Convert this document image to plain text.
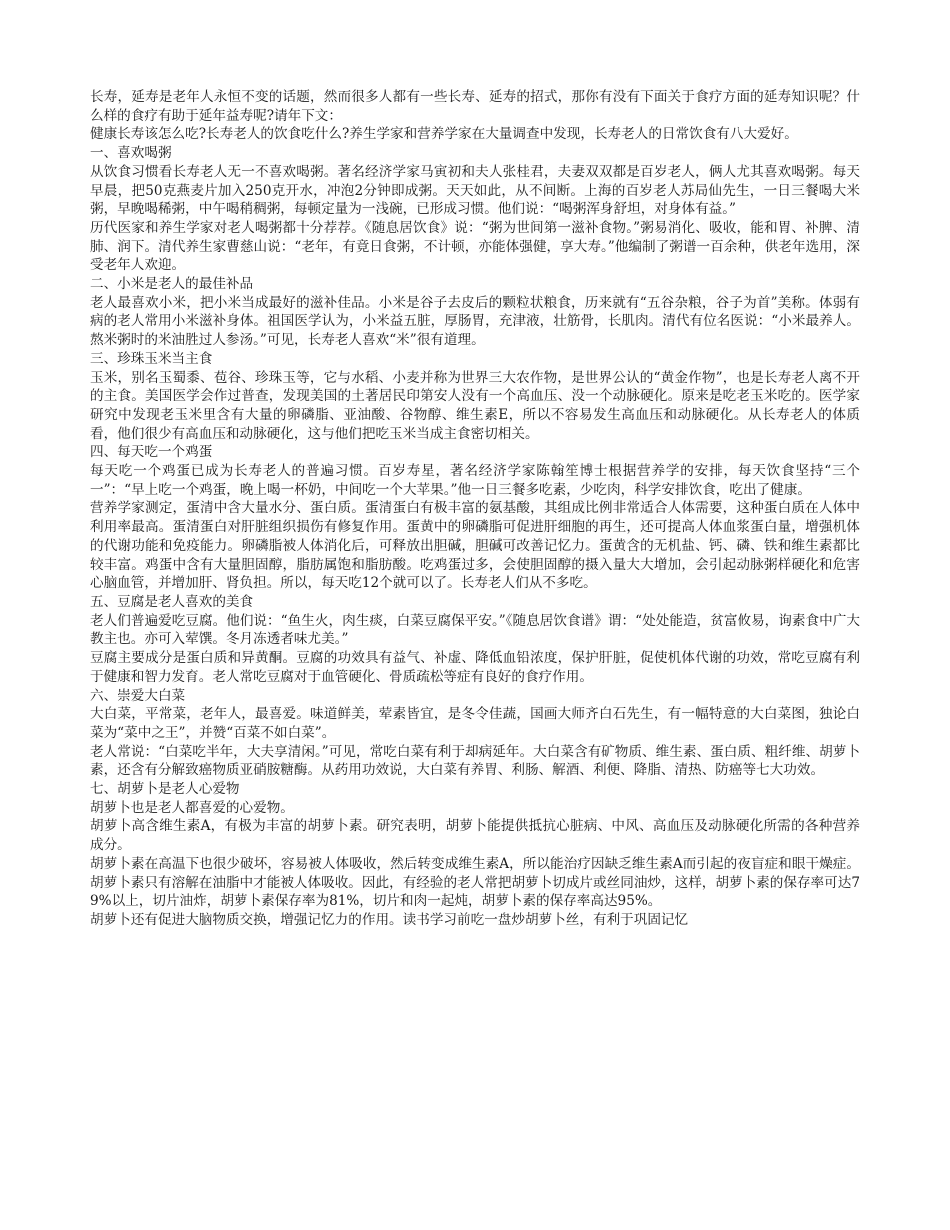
长寿，延寿是老年人永恒不变的话题，然而很多人都有一些长寿、延寿的招式，那你有没有下面关于食疗方面的延寿知识呢？什么样的食疗有助于延年益寿呢?请年下文：

健康长寿该怎么吃?长寿老人的饮食吃什么?养生学家和营养学家在大量调查中发现，长寿老人的日常饮食有八大爱好。

一、喜欢喝粥

从饮食习惯看长寿老人无一不喜欢喝粥。著名经济学家马寅初和夫人张桂君，夫妻双双都是百岁老人，俩人尤其喜欢喝粥。每天早晨，把50克燕麦片加入250克开水，冲泡2分钟即成粥。天天如此，从不间断。上海的百岁老人苏局仙先生，一日三餐喝大米粥，早晚喝稀粥，中午喝稍稠粥，每顿定量为一浅碗，已形成习惯。他们说：“喝粥浑身舒坦，对身体有益。”

历代医家和养生学家对老人喝粥都十分荐荐。《随息居饮食》说：“粥为世间第一滋补食物。”粥易消化、吸收，能和胃、补脾、清肺、润下。清代养生家曹慈山说：“老年，有竟日食粥，不计顿，亦能体强健，享大寿。”他编制了粥谱一百余种，供老年选用，深受老年人欢迎。

二、小米是老人的最佳补品

老人最喜欢小米，把小米当成最好的滋补佳品。小米是谷子去皮后的颗粒状粮食，历来就有“五谷杂粮，谷子为首”美称。体弱有病的老人常用小米滋补身体。祖国医学认为，小米益五脏，厚肠胃，充津液，壮筋骨，长肌肉。清代有位名医说：“小米最养人。熬米粥时的米油胜过人参汤。”可见，长寿老人喜欢“米”很有道理。

三、珍珠玉米当主食

玉米，别名玉蜀黍、苞谷、珍珠玉等，它与水稻、小麦并称为世界三大农作物，是世界公认的“黄金作物”，也是长寿老人离不开的主食。美国医学会作过普查，发现美国的土著居民印第安人没有一个高血压、没一个动脉硬化。原来是吃老玉米吃的。医学家研究中发现老玉米里含有大量的卵磷脂、亚油酸、谷物醇、维生素E，所以不容易发生高血压和动脉硬化。从长寿老人的体质看，他们很少有高血压和动脉硬化，这与他们把吃玉米当成主食密切相关。

四、每天吃一个鸡蛋

每天吃一个鸡蛋已成为长寿老人的普遍习惯。百岁寿星，著名经济学家陈翰笙博士根据营养学的安排，每天饮食坚持“三个一”：“早上吃一个鸡蛋，晚上喝一杯奶，中间吃一个大苹果。”他一日三餐多吃素，少吃肉，科学安排饮食，吃出了健康。

营养学家测定，蛋清中含大量水分、蛋白质。蛋清蛋白有极丰富的氨基酸，其组成比例非常适合人体需要，这种蛋白质在人体中利用率最高。蛋清蛋白对肝脏组织损伤有修复作用。蛋黄中的卵磷脂可促进肝细胞的再生，还可提高人体血浆蛋白量，增强机体的代谢功能和免疫能力。卵磷脂被人体消化后，可释放出胆碱，胆碱可改善记忆力。蛋黄含的无机盐、钙、磷、铁和维生素都比较丰富。鸡蛋中含有大量胆固醇，脂肪属饱和脂肪酸。吃鸡蛋过多，会使胆固醇的摄入量大大增加，会引起动脉粥样硬化和危害心脑血管，并增加肝、肾负担。所以，每天吃12个就可以了。长寿老人们从不多吃。

五、豆腐是老人喜欢的美食

老人们普遍爱吃豆腐。他们说：“鱼生火，肉生痰，白菜豆腐保平安。”《随息居饮食谱》谓：“处处能造，贫富攸易，询素食中广大教主也。亦可入荤馔。冬月冻透者味尤美。”

豆腐主要成分是蛋白质和异黄酮。豆腐的功效具有益气、补虚、降低血铅浓度，保护肝脏，促使机体代谢的功效，常吃豆腐有利于健康和智力发育。老人常吃豆腐对于血管硬化、骨质疏松等症有良好的食疗作用。

六、崇爱大白菜

大白菜，平常菜，老年人，最喜爱。味道鲜美，荤素皆宜，是冬令佳蔬，国画大师齐白石先生，有一幅特意的大白菜图，独论白菜为“菜中之王”，并赞“百菜不如白菜”。

老人常说：“白菜吃半年，大夫享清闲。”可见，常吃白菜有利于却病延年。大白菜含有矿物质、维生素、蛋白质、粗纤维、胡萝卜素，还含有分解致癌物质亚硝胺糖酶。从药用功效说，大白菜有养胃、利肠、解酒、利便、降脂、清热、防癌等七大功效。

七、胡萝卜是老人心爱物

胡萝卜也是老人都喜爱的心爱物。

胡萝卜高含维生素A，有极为丰富的胡萝卜素。研究表明，胡萝卜能提供抵抗心脏病、中风、高血压及动脉硬化所需的各种营养成分。

胡萝卜素在高温下也很少破坏，容易被人体吸收，然后转变成维生素A，所以能治疗因缺乏维生素A而引起的夜盲症和眼干燥症。胡萝卜素只有溶解在油脂中才能被人体吸收。因此，有经验的老人常把胡萝卜切成片或丝同油炒，这样，胡萝卜素的保存率可达79%以上，切片油炸，胡萝卜素保存率为81%，切片和肉一起炖，胡萝卜素的保存率高达95%。

胡萝卜还有促进大脑物质交换，增强记忆力的作用。读书学习前吃一盘炒胡萝卜丝，有利于巩固记忆
